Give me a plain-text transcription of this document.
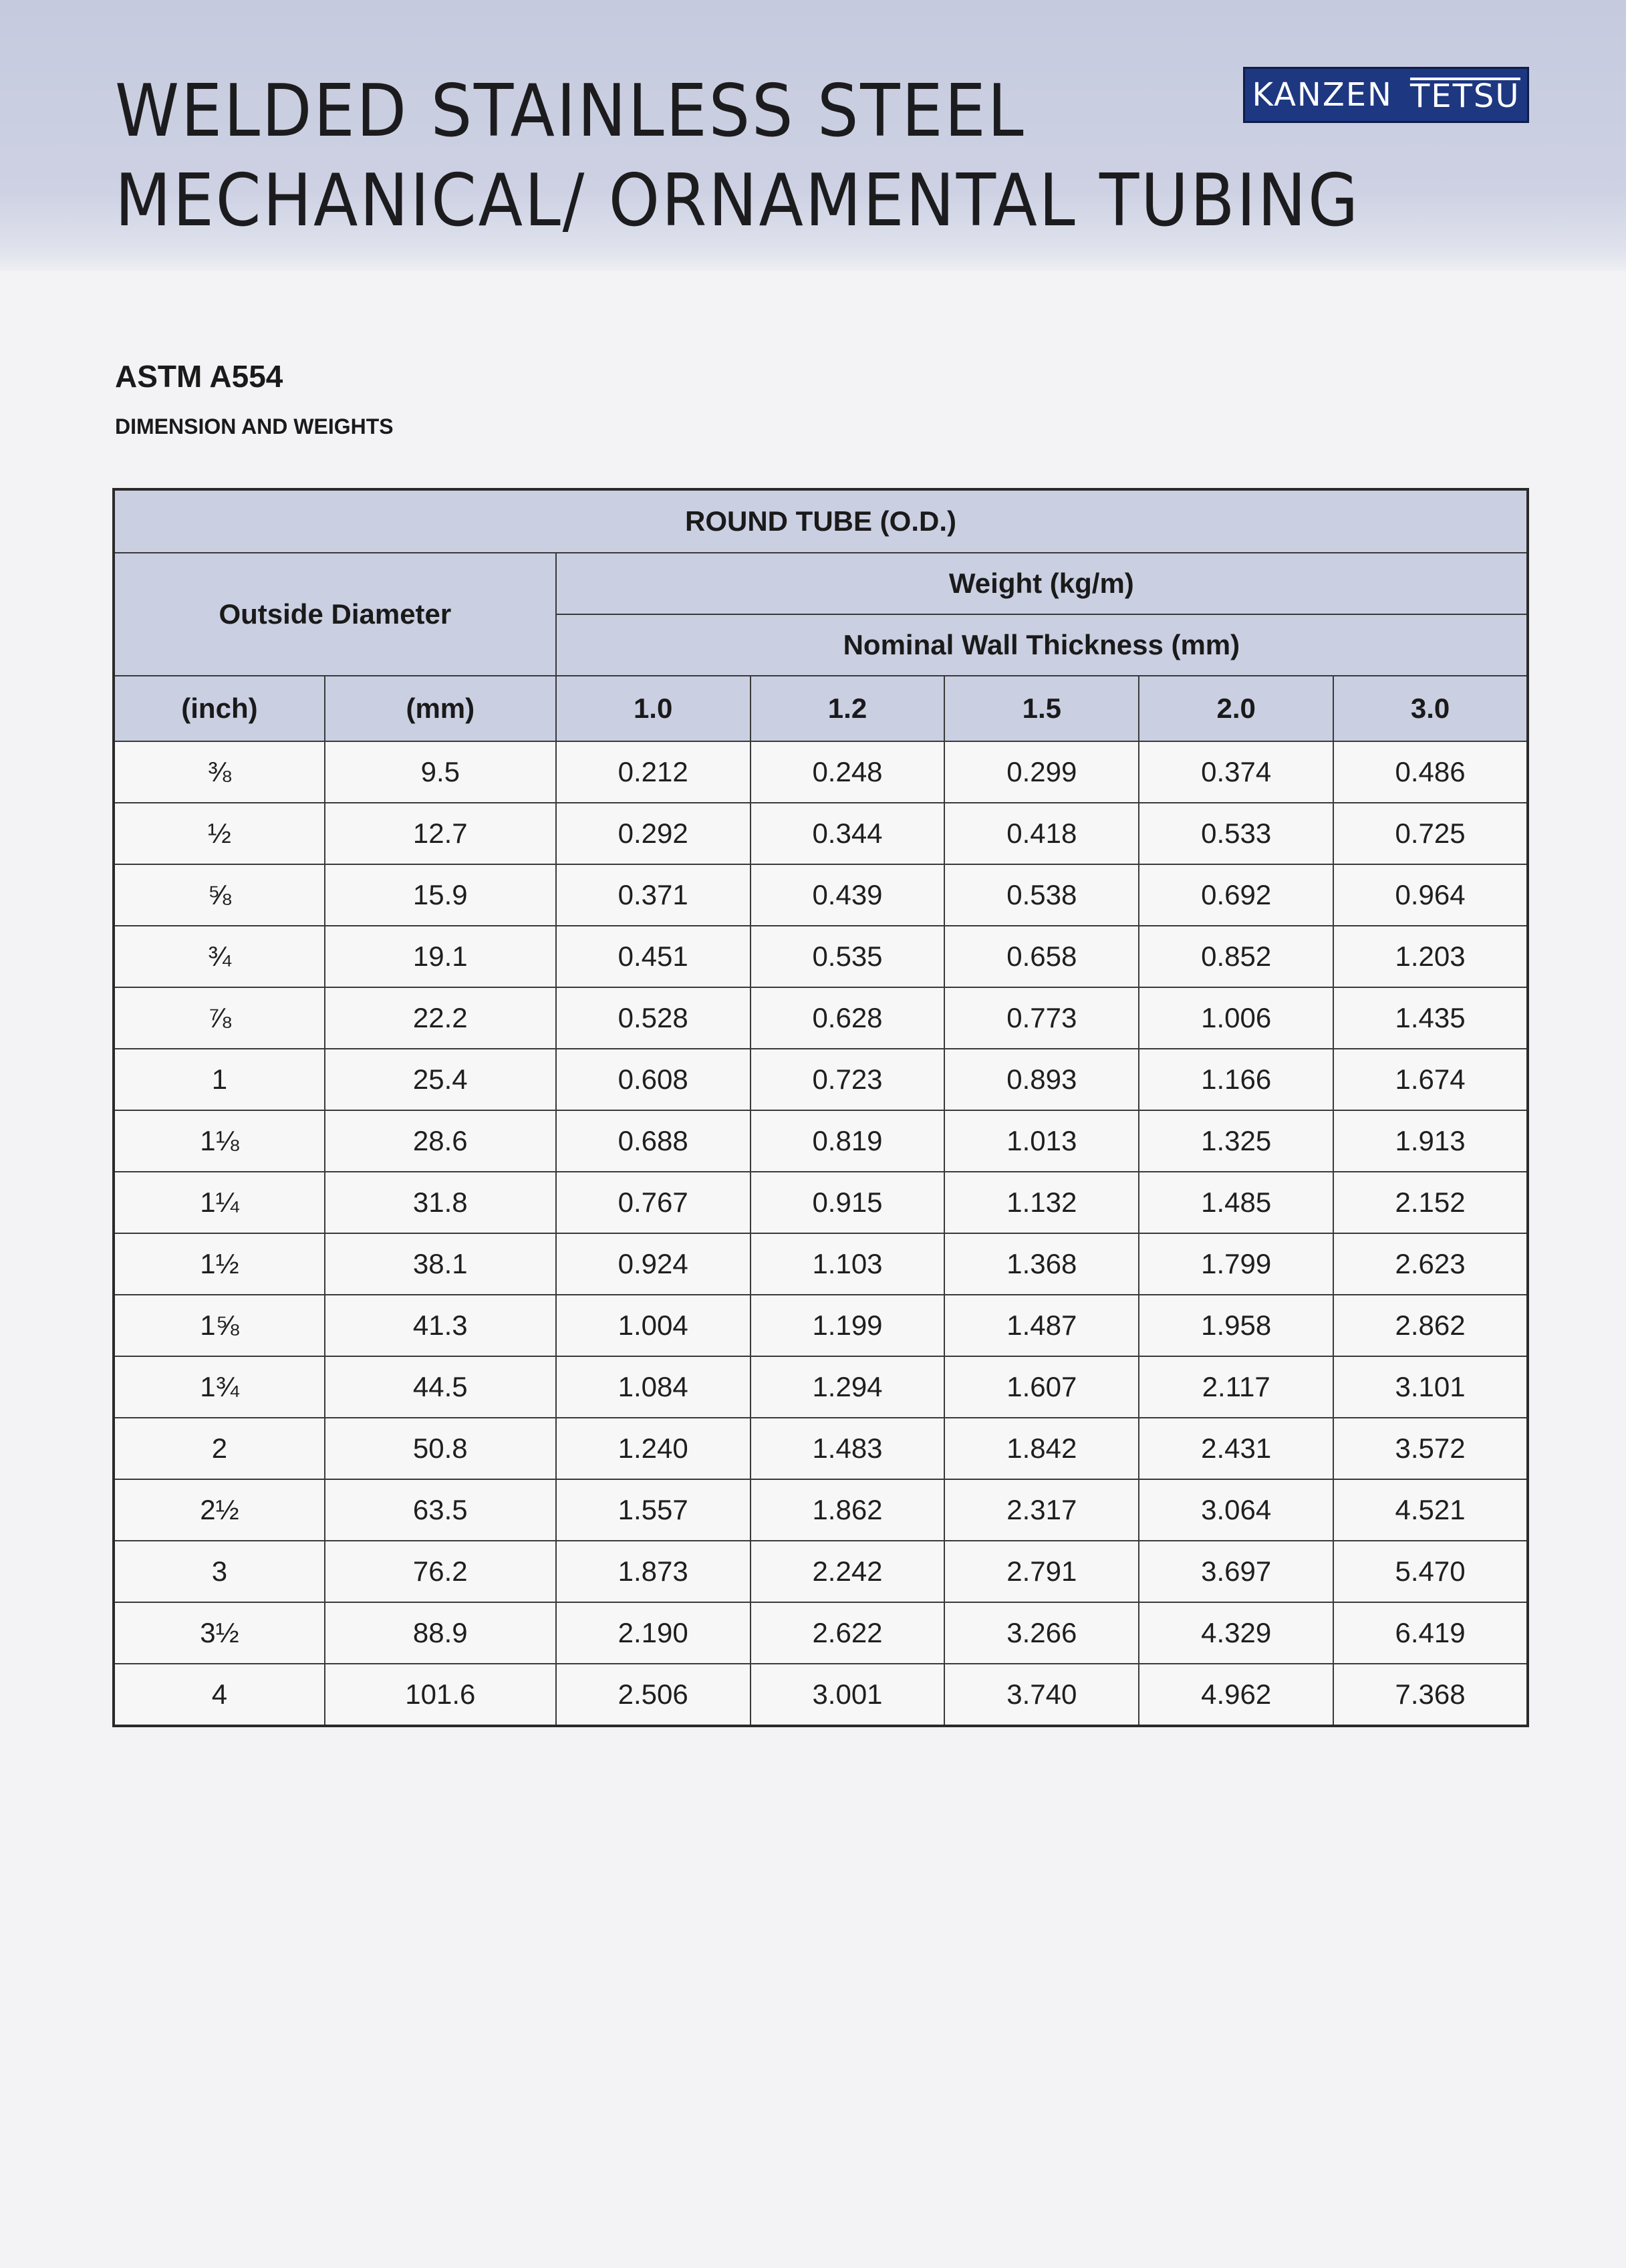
WELDED STAINLESS STEEL
MECHANICAL/ ORNAMENTAL TUBING
KANZEN TETSU
ASTM A554
DIMENSION AND WEIGHTS
ROUND TUBE (O.D.)						
Outside Diameter		Weight (kg/m)				
		Nominal Wall Thickness (mm)				
(inch)	(mm)	1.0	1.2	1.5	2.0	3.0
⅜	9.5	0.212	0.248	0.299	0.374	0.486
½	12.7	0.292	0.344	0.418	0.533	0.725
⅝	15.9	0.371	0.439	0.538	0.692	0.964
¾	19.1	0.451	0.535	0.658	0.852	1.203
⅞	22.2	0.528	0.628	0.773	1.006	1.435
1	25.4	0.608	0.723	0.893	1.166	1.674
1⅛	28.6	0.688	0.819	1.013	1.325	1.913
1¼	31.8	0.767	0.915	1.132	1.485	2.152
1½	38.1	0.924	1.103	1.368	1.799	2.623
1⅝	41.3	1.004	1.199	1.487	1.958	2.862
1¾	44.5	1.084	1.294	1.607	2.117	3.101
2	50.8	1.240	1.483	1.842	2.431	3.572
2½	63.5	1.557	1.862	2.317	3.064	4.521
3	76.2	1.873	2.242	2.791	3.697	5.470
3½	88.9	2.190	2.622	3.266	4.329	6.419
4	101.6	2.506	3.001	3.740	4.962	7.368
